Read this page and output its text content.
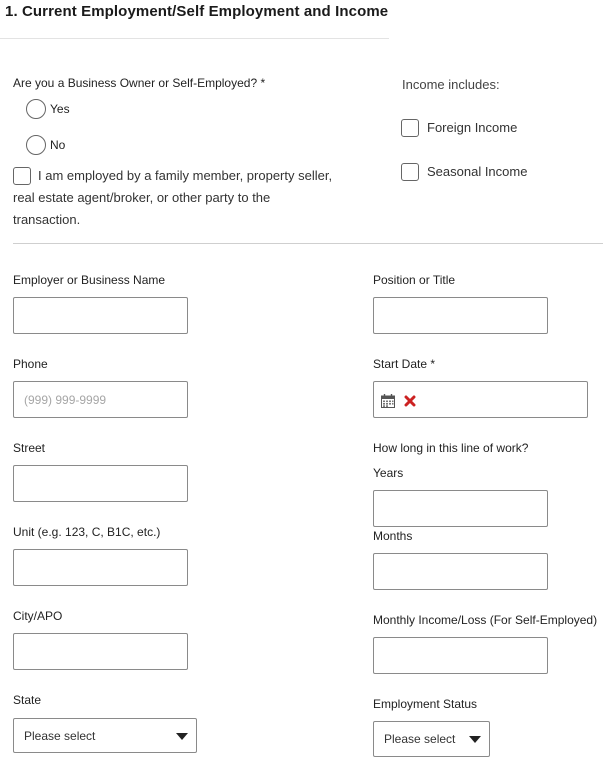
1. Current Employment/Self Employment and Income
Are you a Business Owner or Self-Employed? *
Yes
No
I am employed by a family member, property seller,
real estate agent/broker, or other party to the
transaction.
Income includes:
Foreign Income
Seasonal Income
Employer or Business Name
Phone
(999) 999-9999
Street
Unit (e.g. 123, C, B1C, etc.)
City/APO
State
Please select
Position or Title
Start Date *
How long in this line of work?
Years
Months
Monthly Income/Loss (For Self-Employed)
Employment Status
Please select
